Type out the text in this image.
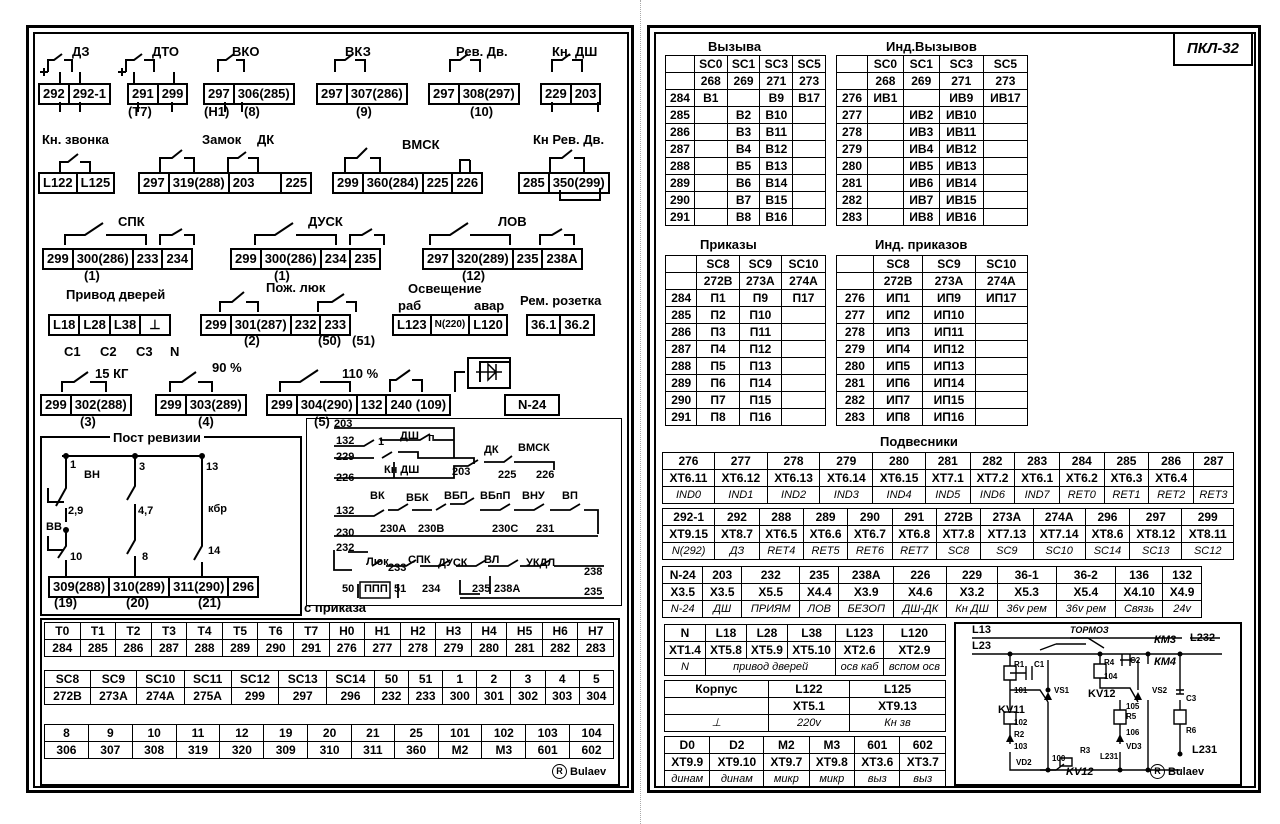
ПКЛ-32
ДЗ
292 292-1
ДТО
291 299
(Т7)
ВКО
297 306(285)
(Н1) (8)
ВКЗ
297 307(286)
(9)
Рев. Дв.
297 308(297)
(10)
Кн. ДШ
229 203
Кн. звонка
L122 L125
Замок ДК
297 319(288) 203	225
ВМСК
299 360(284) 225 226
Кн Рев. Дв.
285 350(299)
СПК
299 300(286) 233 234
(1)
ДУСК
299 300(286) 234 235
(1)
ЛОВ
297 320(289) 235 238А
(12)
Привод дверей
L18 L28 L38	⊥
С1 С2 С3 N
Пож. люк
299 301(287) 232 233
(2)	(50) (51)
Освещение
раб	авар
L123 N(220) L120
Рем. розетка
36.1 36.2
15 КГ
299 302(288)
(3)
90 %
299 303(289)
(4)
110 %
299 304(290) 132 240 (109)
(5)
N-24
Пост ревизии
1	3	13
ВН
2,9	4,7	кбр
ВВ
10	8	14
309(288) 310(289) 311(290) 296
(19)	(20)	(21)
203
132
229
226
132
230
232
50
238
235
ДШ
Кн ДШ
ДК ВМСК
ВК ВБК ВБП ВБпП ВНУ ВП
230А 230В	230С 231
203	225 226
Люк 233
СПК ДУСК ВЛ УКДЛ
51 234	235 238А
ППП
1	п
с приказа
Т0	Т1	Т2	Т3	Т4	Т5	Т6	Т7	Н0	Н1	Н2	Н3	Н4	Н5	Н6	Н7
284	285	286	287	288	289	290	291	276	277	278	279	280	281	282	283
SC8	SC9	SC10	SC11	SC12	SC13	SC14	50	51	1	2	3	4	5
272В	273А	274А	275А	299	297	296	232	233	300	301	302	303	304
8	9	10	11	12	19	20	21	25	101	102	103	104
306	307	308	319	320	309	310	311	360	М2	М3	601	602
R Bulaev
Вызыва
	SC0	SC1	SC3	SC5
	268	269	271	273
284	В1		В9	В17
285		В2	В10	
286		В3	В11	
287		В4	В12	
288		В5	В13	
289		В6	В14	
290		В7	В15	
291		В8	В16	
Инд.Вызывов
	SC0	SC1	SC3	SC5
	268	269	271	273
276	ИВ1		ИВ9	ИВ17
277		ИВ2	ИВ10	
278		ИВ3	ИВ11	
279		ИВ4	ИВ12	
280		ИВ5	ИВ13	
281		ИВ6	ИВ14	
282		ИВ7	ИВ15	
283		ИВ8	ИВ16	
Приказы
	SC8	SC9	SC10
	272В	273А	274А
284	П1	П9	П17
285	П2	П10	
286	П3	П11	
287	П4	П12	
288	П5	П13	
289	П6	П14	
290	П7	П15	
291	П8	П16	
Инд. приказов
	SC8	SC9	SC10
	272В	273А	274А
276	ИП1	ИП9	ИП17
277	ИП2	ИП10	
278	ИП3	ИП11	
279	ИП4	ИП12	
280	ИП5	ИП13	
281	ИП6	ИП14	
282	ИП7	ИП15	
283	ИП8	ИП16	
Подвесники
276	277	278	279	280	281	282	283	284	285	286	287
ХТ6.11	ХТ6.12	ХТ6.13	ХТ6.14	ХТ6.15	ХТ7.1	ХТ7.2	ХТ6.1	ХТ6.2	ХТ6.3	ХТ6.4	
IND0	IND1	IND2	IND3	IND4	IND5	IND6	IND7	RET0	RET1	RET2	RET3
292-1	292	288	289	290	291	272В	273А	274А	296	297	299
ХТ9.15	ХТ8.7	ХТ6.5	ХТ6.6	ХТ6.7	ХТ6.8	ХТ7.8	ХТ7.13	ХТ7.14	ХТ8.6	ХТ8.12	ХТ8.11
N(292)	ДЗ	RET4	RET5	RET6	RET7	SC8	SC9	SC10	SC14	SC13	SC12
N-24	203	232	235	238А	226	229	36-1	36-2	136	132
Х3.5	Х3.5	Х5.5	Х4.4	Х3.9	Х4.6	Х3.2	Х5.3	Х5.4	Х4.10	Х4.9
N-24	ДШ	ПРИЯМ	ЛОВ	БЕЗОП	ДШ-ДК	Кн ДШ	36v рем	36v рем	Связь	24v
N	L18	L28	L38	L123	L120
ХТ1.4	ХТ5.8	ХТ5.9	ХТ5.10	ХТ2.6	ХТ2.9
N	привод дверей			осв каб	вспом осв
Корпус	L122	L125
	ХТ5.1	ХТ9.13
⊥	220v	Кн зв
D0	D2	М2	М3	601	602
ХТ9.9	ХТ9.10	ХТ9.7	ХТ9.8	ХТ3.6	ХТ3.7
динам	динам	микр	микр	выз	выз
L13
L23
ТОРМОЗ
КМ3 L232
КМ4
R1 C1
101	VS1
R4 C2
104
KV12	VS2
KV11
102
R2
103
VD2
C3
105
R5
106
VD3
R6
100
R3
L231
KV12
L231
R Bulaev
